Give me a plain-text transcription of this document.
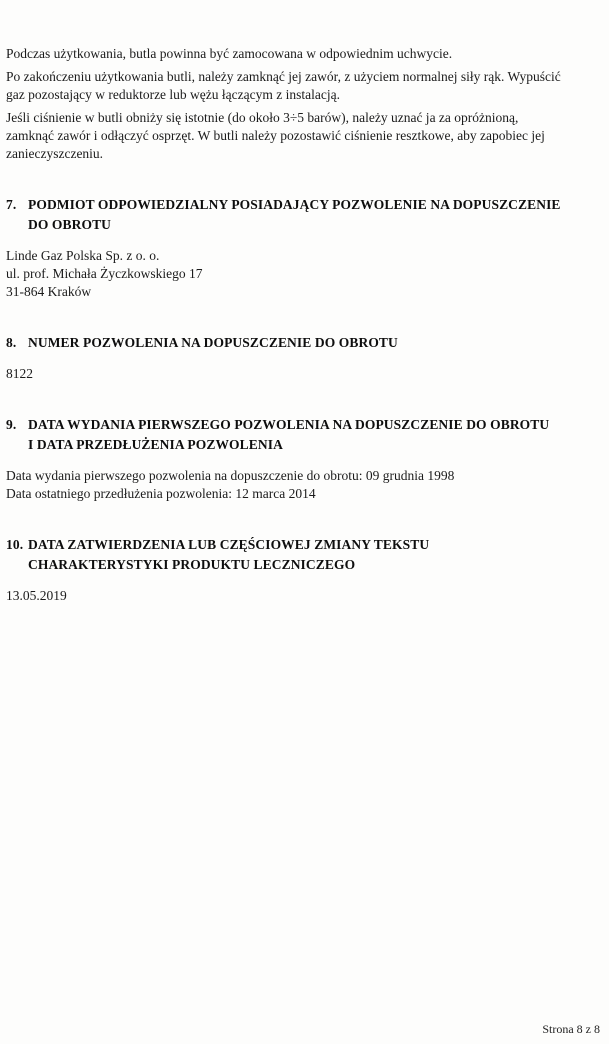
Podczas użytkowania, butla powinna być zamocowana w odpowiednim uchwycie.
Po zakończeniu użytkowania butli, należy zamknąć jej zawór, z użyciem normalnej siły rąk. Wypuścić
gaz pozostający w reduktorze lub wężu łączącym z instalacją.
Jeśli ciśnienie w butli obniży się istotnie (do około 3÷5 barów), należy uznać ja za opróżnioną,
zamknąć zawór i odłączyć osprzęt. W butli należy pozostawić ciśnienie resztkowe, aby zapobiec jej
zanieczyszczeniu.
7. PODMIOT ODPOWIEDZIALNY POSIADAJĄCY POZWOLENIE NA DOPUSZCZENIE
DO OBROTU
Linde Gaz Polska Sp. z o. o.
ul. prof. Michała Życzkowskiego 17
31-864 Kraków
8. NUMER POZWOLENIA NA DOPUSZCZENIE DO OBROTU
8122
9. DATA WYDANIA PIERWSZEGO POZWOLENIA NA DOPUSZCZENIE DO OBROTU
I DATA PRZEDŁUŻENIA POZWOLENIA
Data wydania pierwszego pozwolenia na dopuszczenie do obrotu: 09 grudnia 1998
Data ostatniego przedłużenia pozwolenia: 12 marca 2014
10. DATA ZATWIERDZENIA LUB CZĘŚCIOWEJ ZMIANY TEKSTU
CHARAKTERYSTYKI PRODUKTU LECZNICZEGO
13.05.2019
Strona 8 z 8
